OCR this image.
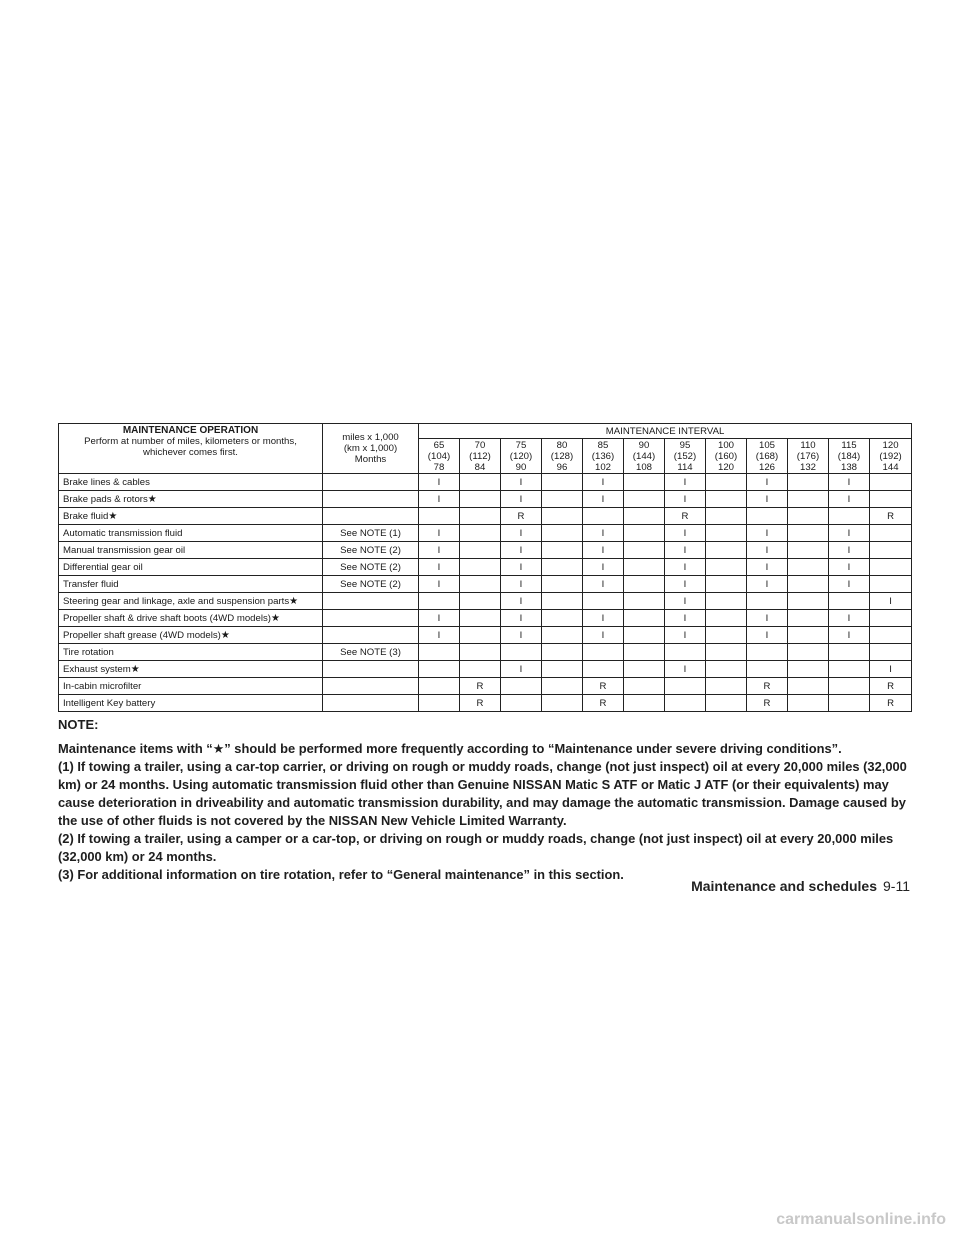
MAINTENANCE OPERATION
Perform at number of miles, kilometers or months, whichever comes first.	miles x 1,000
(km x 1,000)
Months	MAINTENANCE INTERVAL											

		65
(104)
78	70
(112)
84	75
(120)
90	80
(128)
96	85
(136)
102	90
(144)
108	95
(152)
114	100
(160)
120	105
(168)
126	110
(176)
132	115
(184)
138	120
(192)
144

Brake lines & cables		I		I		I		I		I		I	
Brake pads & rotors★		I		I		I		I		I		I	
Brake fluid★				R				R					R
Automatic transmission fluid	See NOTE (1)	I		I		I		I		I		I	
Manual transmission gear oil	See NOTE (2)	I		I		I		I		I		I	
Differential gear oil	See NOTE (2)	I		I		I		I		I		I	
Transfer fluid	See NOTE (2)	I		I		I		I		I		I	
Steering gear and linkage, axle and suspension parts★				I				I					I
Propeller shaft & drive shaft boots (4WD models)★		I		I		I		I		I		I	
Propeller shaft grease (4WD models)★		I		I		I		I		I		I	
Tire rotation	See NOTE (3)												
Exhaust system★				I				I					I
In-cabin microfilter			R			R				R			R
Intelligent Key battery			R			R				R			R

NOTE:

Maintenance items with “★” should be performed more frequently according to “Maintenance under severe driving conditions”.

(1) If towing a trailer, using a car-top carrier, or driving on rough or muddy roads, change (not just inspect) oil at every 20,000 miles (32,000 km) or 24 months. Using automatic transmission fluid other than Genuine NISSAN Matic S ATF or Matic J ATF (or their equivalents) may cause deterioration in driveability and automatic transmission durability, and may damage the automatic transmission. Damage caused by the use of other fluids is not covered by the NISSAN New Vehicle Limited Warranty.

(2) If towing a trailer, using a camper or a car-top, or driving on rough or muddy roads, change (not just inspect) oil at every 20,000 miles (32,000 km) or 24 months.

(3) For additional information on tire rotation, refer to “General maintenance” in this section.

Maintenance and schedules 9-11
carmanualsonline.info
